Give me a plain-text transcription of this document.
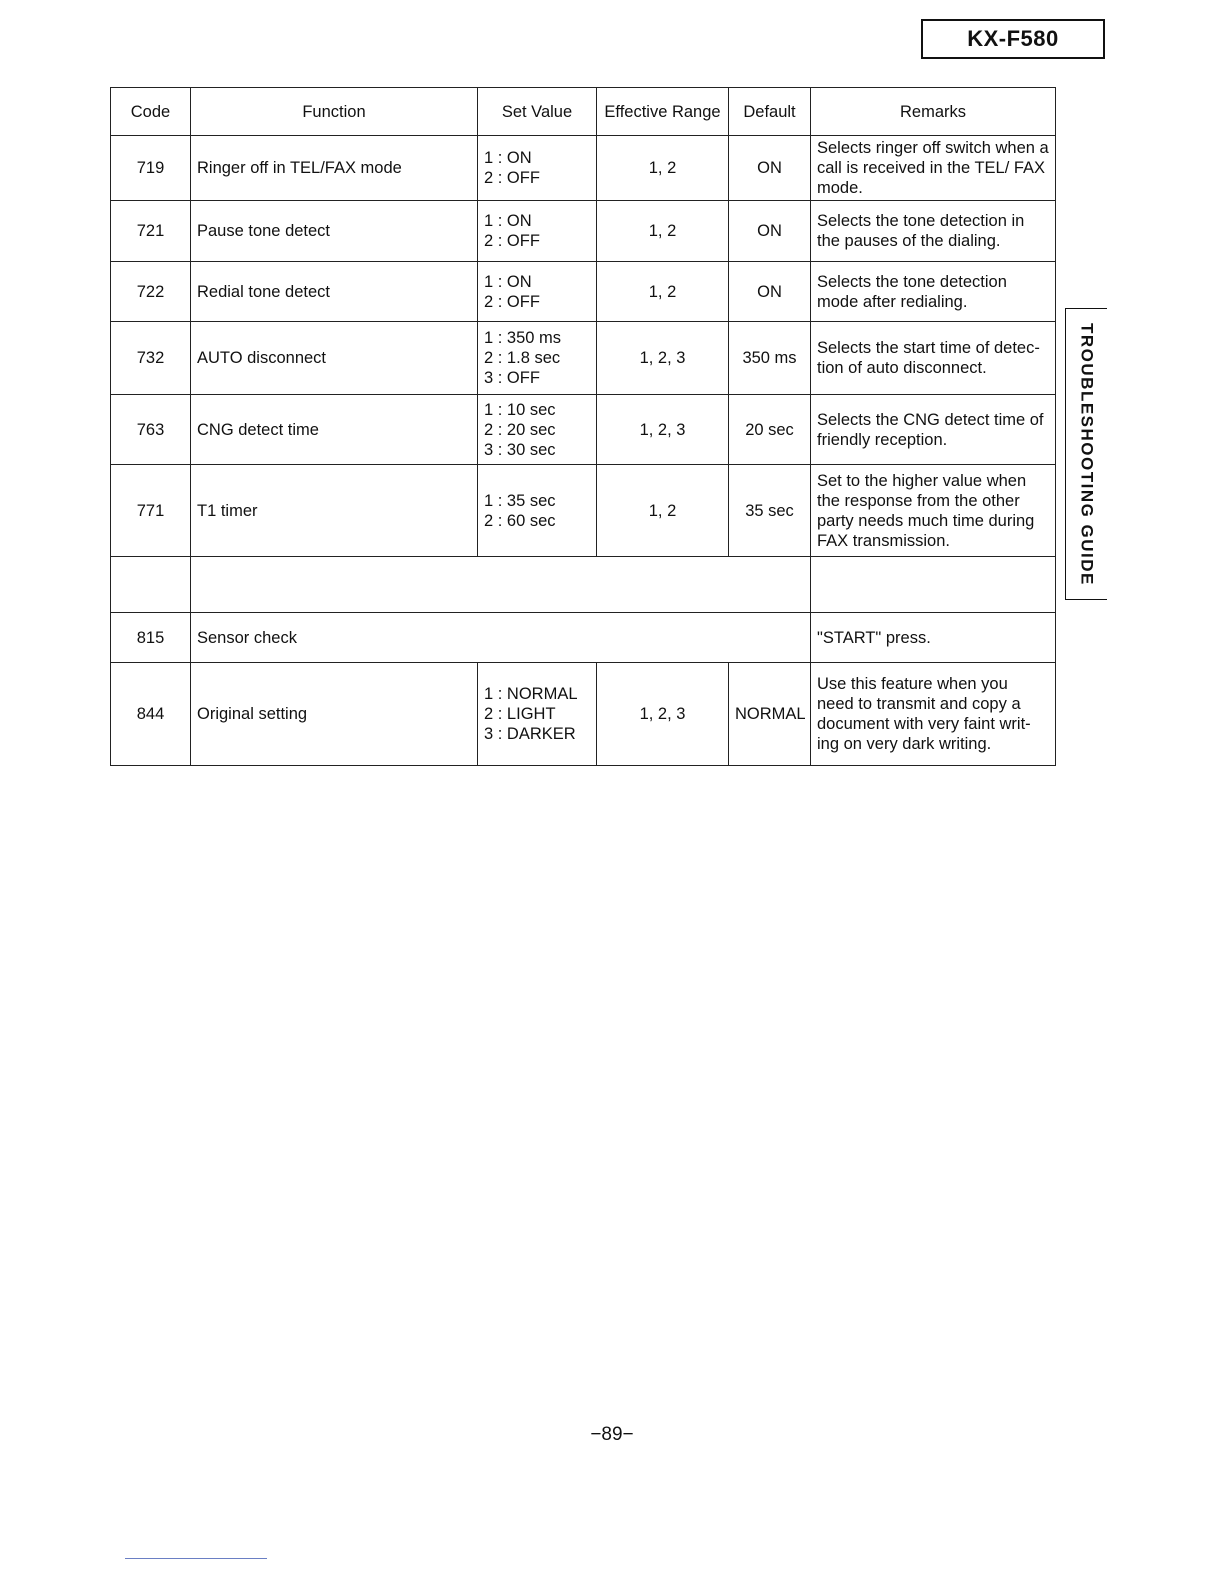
KX-F580
TROUBLESHOOTING GUIDE
Code	Function	Set Value	Effective Range	Default	Remarks
719	Ringer off in TEL/FAX mode	1 : ON
2 : OFF	1, 2	ON	Selects ringer off switch when a call is received in the TEL/ FAX mode.
721	Pause tone detect	1 : ON
2 : OFF	1, 2	ON	Selects the tone detection in the pauses of the dialing.
722	Redial tone detect	1 : ON
2 : OFF	1, 2	ON	Selects the tone detection mode after redialing.
732	AUTO disconnect	1 : 350 ms
2 : 1.8 sec
3 : OFF	1, 2, 3	350 ms	Selects the start time of detec-tion of auto disconnect.
763	CNG detect time	1 : 10 sec
2 : 20 sec
3 : 30 sec	1, 2, 3	20 sec	Selects the CNG detect time of friendly reception.
771	T1 timer	1 : 35 sec
2 : 60 sec	1, 2	35 sec	Set to the higher value when the response from the other party needs much time during FAX transmission.

815	Sensor check				"START" press.
844	Original setting	1 : NORMAL
2 : LIGHT
3 : DARKER	1, 2, 3	NORMAL	Use this feature when you need to transmit and copy a document with very faint writ-ing on very dark writing.
−89−
